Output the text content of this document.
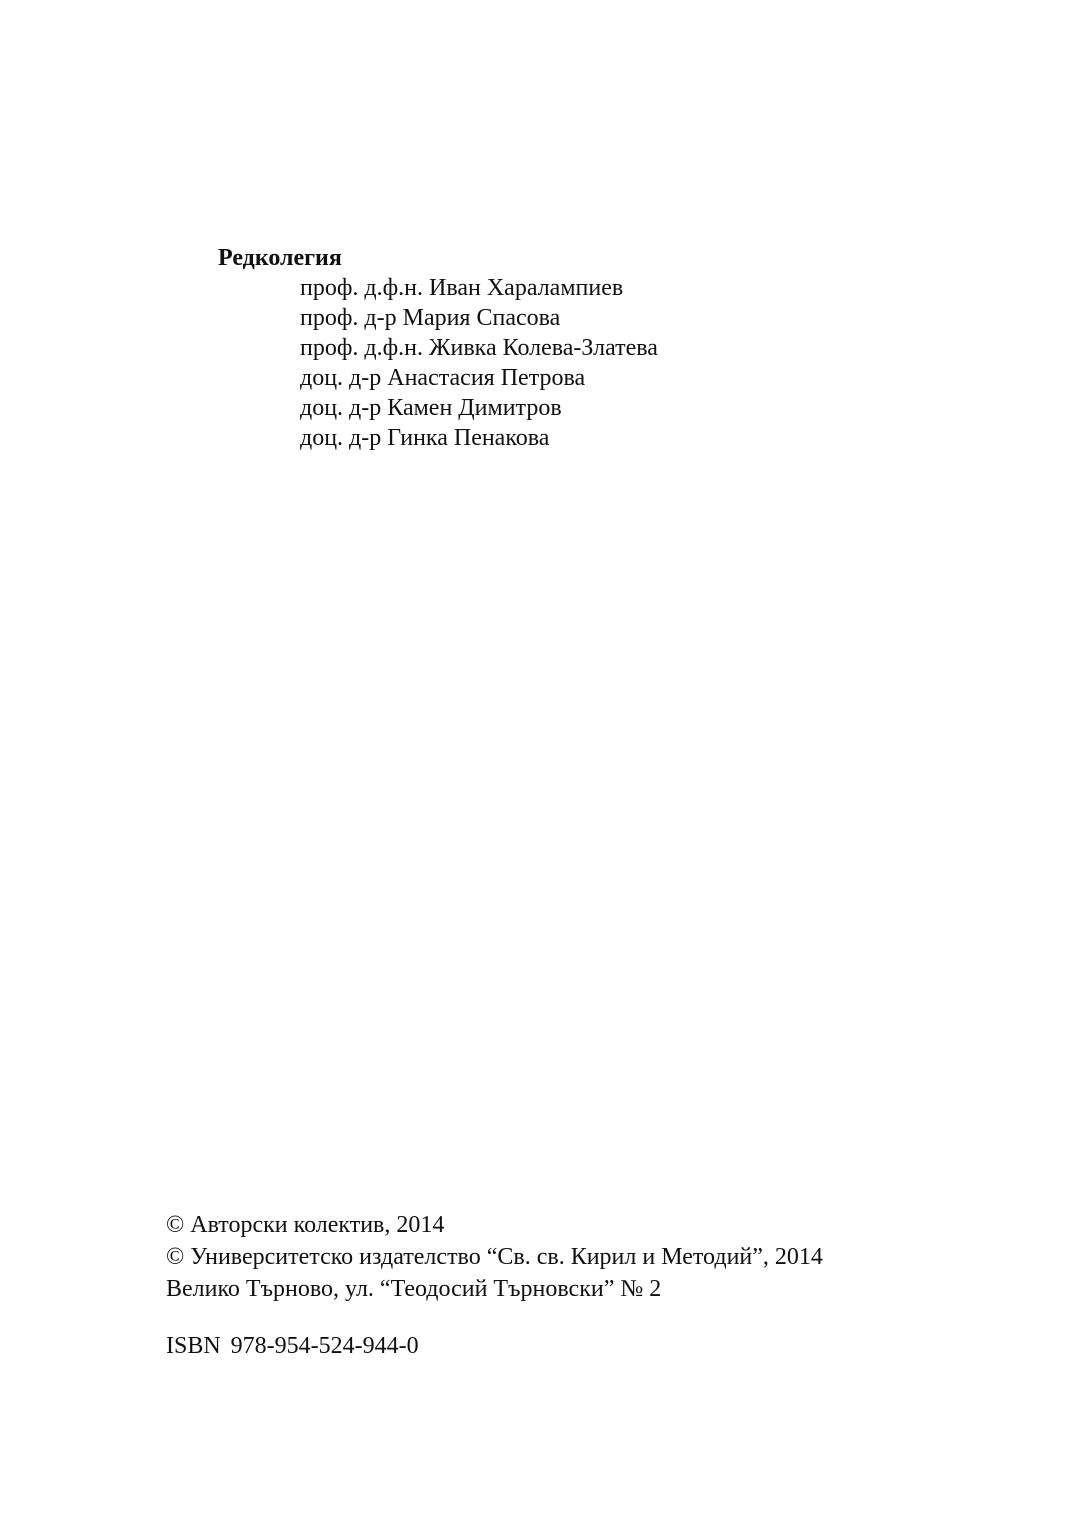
Редколегия
проф. д.ф.н. Иван Харалампиев
проф. д-р Мария Спасова
проф. д.ф.н. Живка Колева-Златева
доц. д-р Анастасия Петрова
доц. д-р Камен Димитров
доц. д-р Гинка Пенакова
© Авторски колектив, 2014
© Университетско издателство “Св. св. Кирил и Методий”, 2014
Велико Търново, ул. “Теодосий Търновски” № 2
ISBN 978-954-524-944-0
